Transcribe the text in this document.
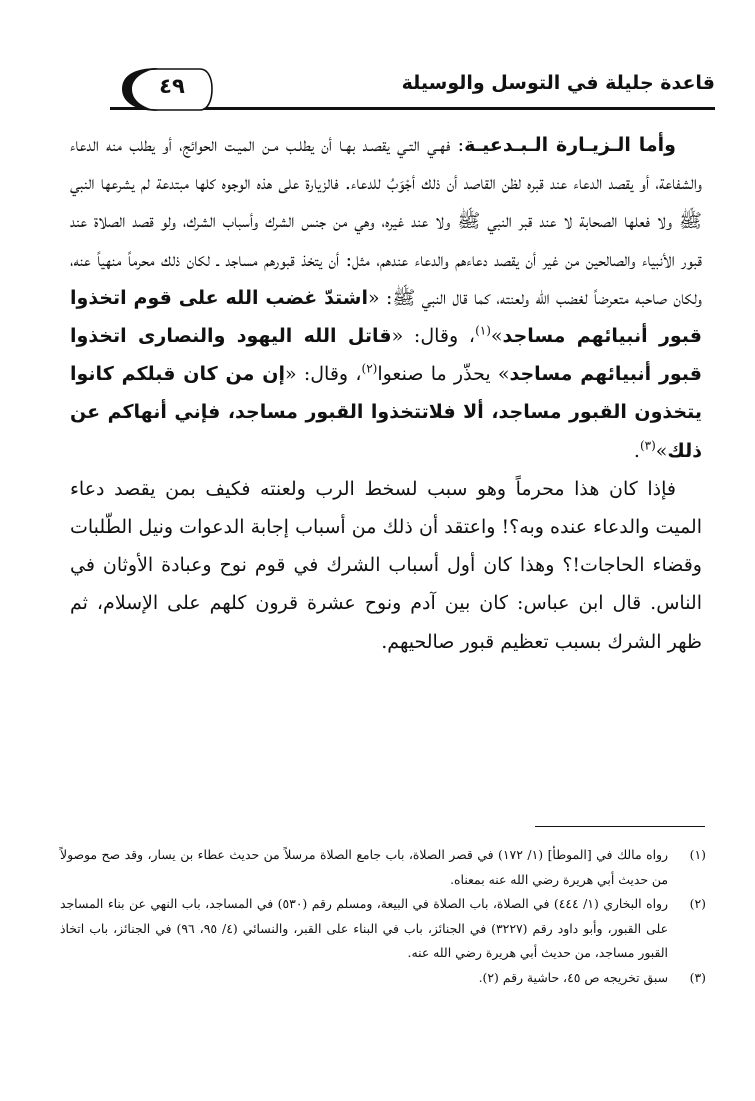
قاعدة جليلة في التوسل والوسيلة
٤٩

وأما الـزيـارة الـبـدعيـة: فهـي التـي يقصـد بهـا أن يطلـب مـن الميـت الحوائج، أو يطلب منه الدعاء والشفاعة، أو يقصد الدعاء عند قبره لظن القاصد أن ذلك أجْوَبُ للدعاء. فالزيارة على هذه الوجوه كلها مبتدعة لم يشرعها النبي ﷺ ولا فعلها الصحابة لا عند قبر النبي ﷺ ولا عند غيره، وهي من جنس الشرك وأسباب الشرك، ولو قصد الصلاة عند قبور الأنبياء والصالحين من غير أن يقصد دعاءهم والدعاء عندهم، مثل: أن يتخذ قبورهم مساجد ـ لكان ذلك محرماً منهياً عنه، ولكان صاحبه متعرضاً لغضب الله ولعنته، كما قال النبي ﷺ: «اشتدّ غضب الله على قوم اتخذوا قبور أنبيائهم مساجد»$^{(١)}$، وقال: «قاتل الله اليهود والنصارى اتخذوا قبور أنبيائهم مساجد» يحذّر ما صنعوا$^{(٢)}$، وقال: «إن من كان قبلكم كانوا يتخذون القبور مساجد، ألا فلاتتخذوا القبور مساجد، فإني أنهاكم عن ذلك»$^{(٣)}$.

فإذا كان هذا محرماً وهو سبب لسخط الرب ولعنته فكيف بمن يقصد دعاء الميت والدعاء عنده وبه؟! واعتقد أن ذلك من أسباب إجابة الدعوات ونيل الطّلبات وقضاء الحاجات!؟ وهذا كان أول أسباب الشرك في قوم نوح وعبادة الأوثان في الناس. قال ابن عباس: كان بين آدم ونوح عشرة قرون كلهم على الإسلام، ثم ظهر الشرك بسبب تعظيم قبور صالحيهم.

(١)
رواه مالك في [الموطأ] (١/ ١٧٢) في قصر الصلاة، باب جامع الصلاة مرسلاً من حديث عطاء بن يسار، وقد صح موصولاً من حديث أبي هريرة رضي الله عنه بمعناه.

(٢)
رواه البخاري (١/ ٤٤٤) في الصلاة، باب الصلاة في البيعة، ومسلم رقم (٥٣٠) في المساجد، باب النهي عن بناء المساجد على القبور، وأبو داود رقم (٣٢٢٧) في الجنائز، باب في البناء على القبر، والنسائي (٤/ ٩٥، ٩٦) في الجنائز، باب اتخاذ القبور مساجد، من حديث أبي هريرة رضي الله عنه.

(٣)
سبق تخريجه ص ٤٥، حاشية رقم (٢).
